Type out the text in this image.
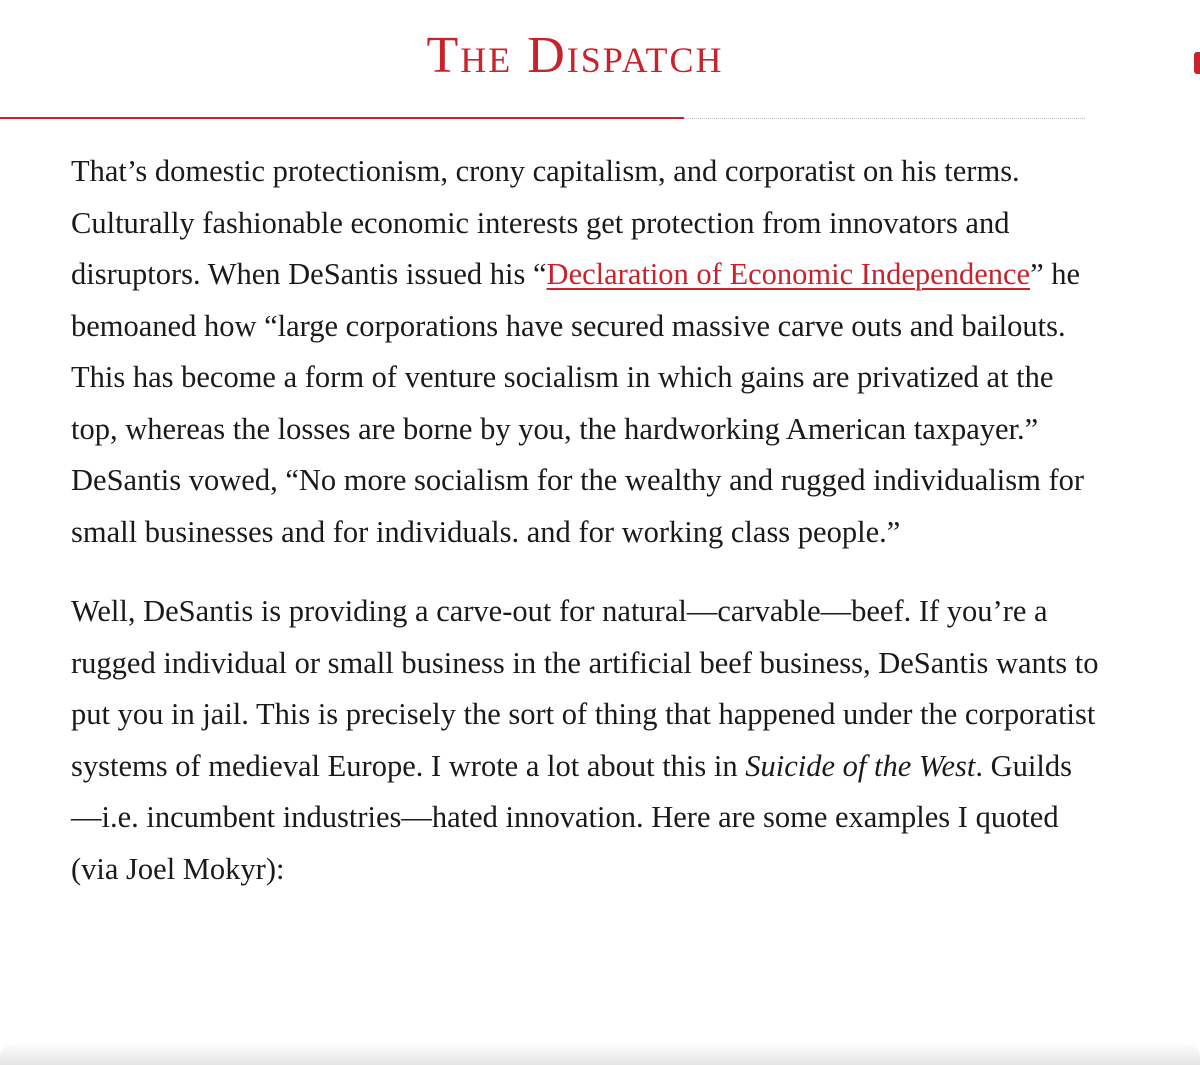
The Dispatch

That’s domestic protectionism, crony capitalism, and corporatist on his terms. Culturally fashionable economic interests get protection from innovators and disruptors. When DeSantis issued his “Declaration of Economic Independence” he bemoaned how “large corporations have secured massive carve outs and bailouts. This has become a form of venture socialism in which gains are privatized at the top, whereas the losses are borne by you, the hardworking American taxpayer.” DeSantis vowed, “No more socialism for the wealthy and rugged individualism for small businesses and for individuals. and for working class people.”

Well, DeSantis is providing a carve-out for natural—carvable—beef. If you’re a rugged individual or small business in the artificial beef business, DeSantis wants to put you in jail. This is precisely the sort of thing that happened under the corporatist systems of medieval Europe. I wrote a lot about this in Suicide of the West. Guilds—i.e. incumbent industries—hated innovation. Here are some examples I quoted (via Joel Mokyr):
